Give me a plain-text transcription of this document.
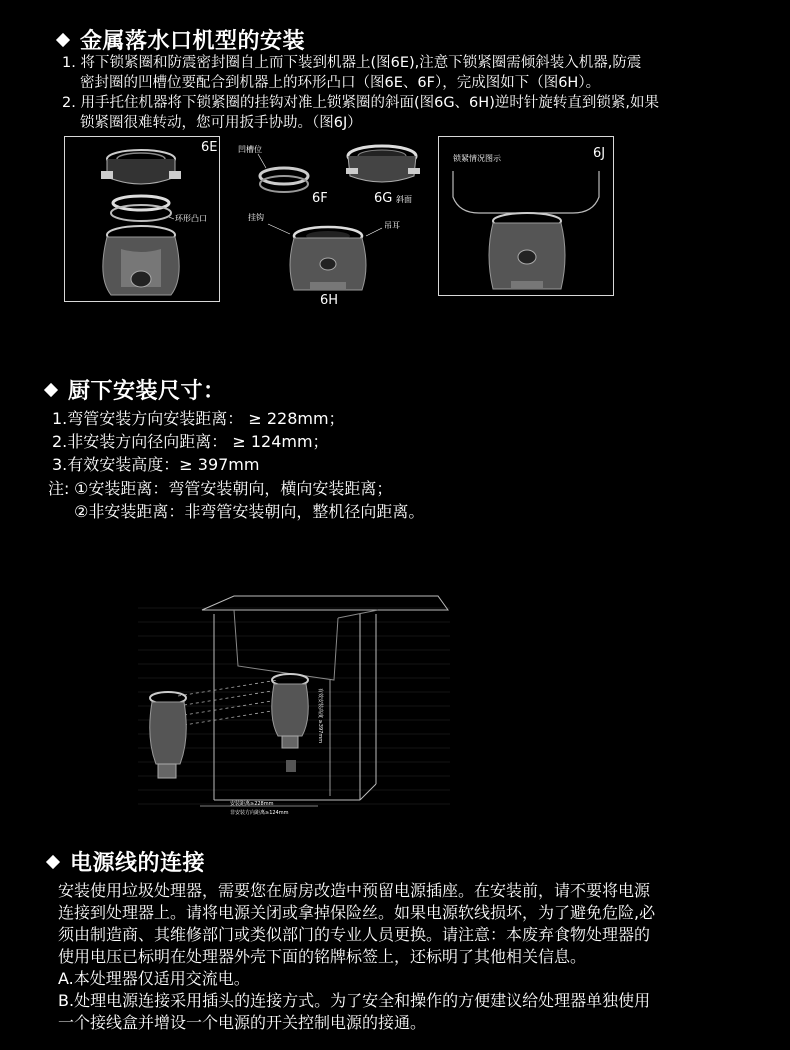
金属落水口机型的安装
1. 将下锁紧圈和防震密封圈自上而下装到机器上(图6E),注意下锁紧圈需倾斜装入机器,防震
密封圈的凹槽位要配合到机器上的环形凸口（图6E、6F），完成图如下（图6H）。
2. 用手托住机器将下锁紧圈的挂钩对准上锁紧圈的斜面(图6G、6H)逆时针旋转直到锁紧,如果
锁紧圈很难转动，您可用扳手协助。（图6J）
6E
环形凸口
凹槽位
6F	6G 斜面
挂钩
吊耳
6H
锁紧情况图示	6J
厨下安装尺寸：
1.弯管安装方向安装距离： ≥ 228mm；
2.非安装方向径向距离： ≥ 124mm；
3.有效安装高度：≥ 397mm
注: ①安装距离：弯管安装朝向，横向安装距离；
②非安装距离：非弯管安装朝向，整机径向距离。
有效安装高度 ≥397mm
安装距离≥228mm
非安装方向距离≥124mm
电源线的连接
安装使用垃圾处理器，需要您在厨房改造中预留电源插座。在安装前，请不要将电源
连接到处理器上。请将电源关闭或拿掉保险丝。如果电源软线损坏，为了避免危险,必
须由制造商、其维修部门或类似部门的专业人员更换。请注意：本废弃食物处理器的
使用电压已标明在处理器外壳下面的铭牌标签上，还标明了其他相关信息。
A.本处理器仅适用交流电。
B.处理电源连接采用插头的连接方式。为了安全和操作的方便建议给处理器单独使用
一个接线盒并增设一个电源的开关控制电源的接通。
